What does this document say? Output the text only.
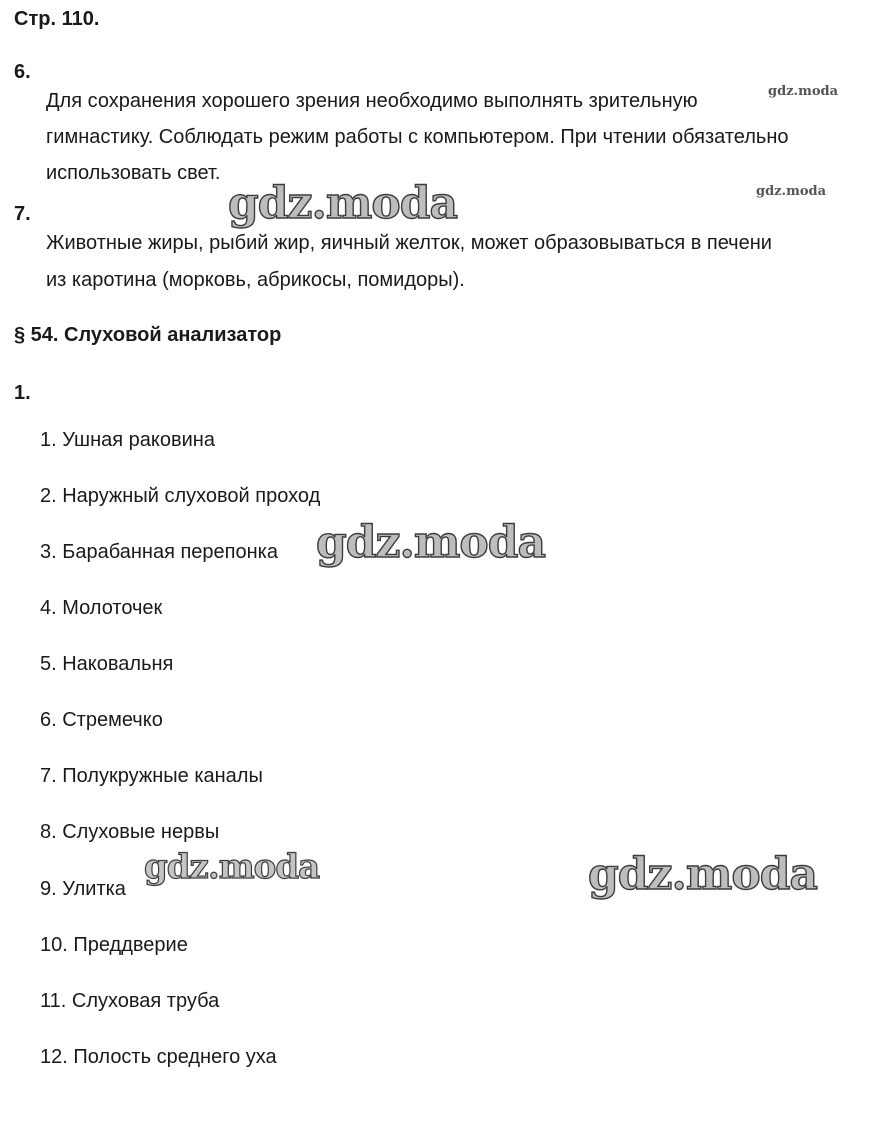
Стр. 110.
6.
Для сохранения хорошего зрения необходимо выполнять зрительную
гимнастику. Соблюдать режим работы с компьютером. При чтении обязательно
использовать свет.
7.
Животные жиры, рыбий жир, яичный желток, может образовываться в печени
из каротина (морковь, абрикосы, помидоры).
§ 54. Слуховой анализатор
1.
1. Ушная раковина
2. Наружный слуховой проход
3. Барабанная перепонка
4. Молоточек
5. Наковальня
6. Стремечко
7. Полукружные каналы
8. Слуховые нервы
9. Улитка
10. Преддверие
11. Слуховая труба
12. Полость среднего уха
gdz.moda
gdz.moda	gdz.moda
gdz.moda
gdz.moda	gdz.moda
